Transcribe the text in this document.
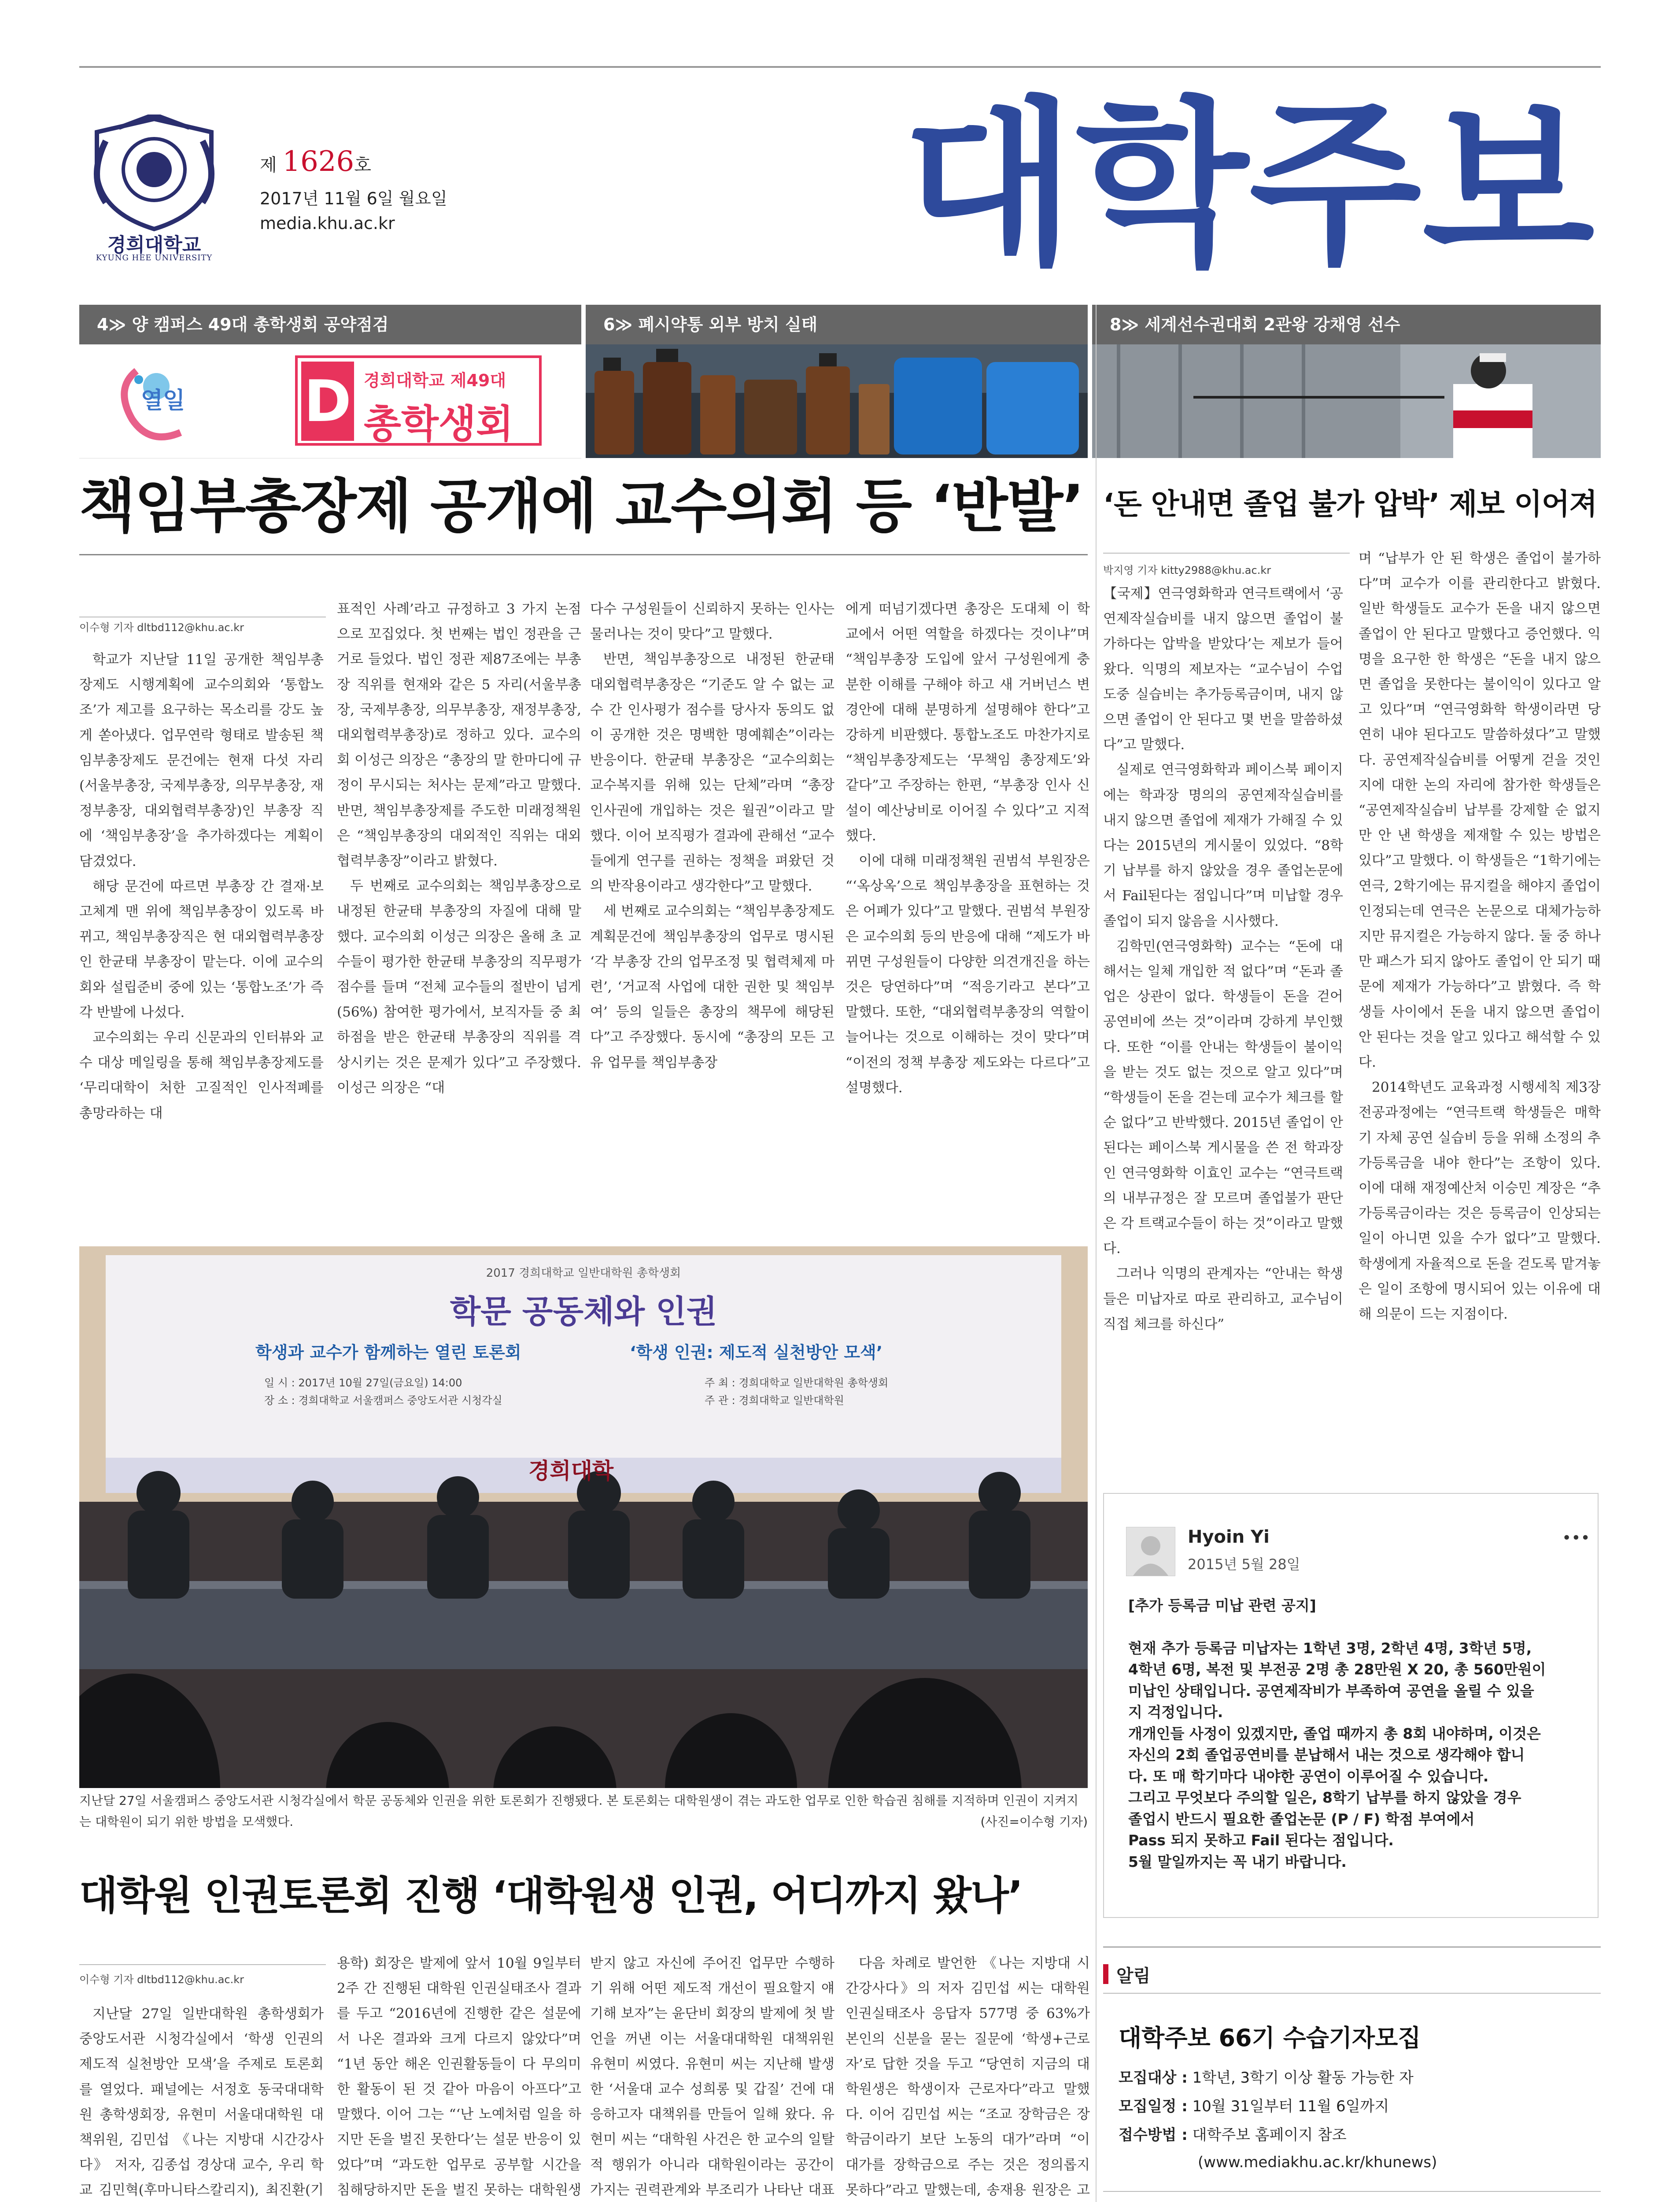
경희대학교
KYUNG HEE UNIVERSITY
제 1626호
2017년 11월 6일 월요일
media.khu.ac.kr	대학주보
4≫ 양 캠퍼스 49대 총학생회 공약점검
열일	D 경희대학교 제49대
총학생회
6≫ 폐시약통 외부 방치 실태	8≫ 세계선수권대회 2관왕 강채영 선수
책임부총장제 공개에 교수의회 등 ‘반발’
이수형 기자 dltbd112@khu.ac.kr

학교가 지난달 11일 공개한 책임부총장제도 시행계획에 교수의회와 ‘통합노조’가 제고를 요구하는 목소리를 강도 높게 쏟아냈다. 업무연락 형태로 발송된 책임부총장제도 문건에는 현재 다섯 자리(서울부총장, 국제부총장, 의무부총장, 재정부총장, 대외협력부총장)인 부총장 직에 ‘책임부총장’을 추가하겠다는 계획이 담겼었다.

해당 문건에 따르면 부총장 간 결재·보고체계 맨 위에 책임부총장이 있도록 바뀌고, 책임부총장직은 현 대외협력부총장인 한균태 부총장이 맡는다. 이에 교수의회와 설립준비 중에 있는 ‘통합노조’가 즉각 반발에 나섰다.

교수의회는 우리 신문과의 인터뷰와 교수 대상 메일링을 통해 책임부총장제도를 ‘무리대학이 처한 고질적인 인사적폐를 총망라하는 대

표적인 사례’라고 규정하고 3 가지 논점으로 꼬집었다. 첫 번째는 법인 정관을 근거로 들었다. 법인 정관 제87조에는 부총장 직위를 현재와 같은 5 자리(서울부총장, 국제부총장, 의무부총장, 재정부총장, 대외협력부총장)로 정하고 있다. 교수의회 이성근 의장은 “총장의 말 한마디에 규정이 무시되는 처사는 문제”라고 말했다. 반면, 책임부총장제를 주도한 미래정책원은 “책임부총장의 대외적인 직위는 대외협력부총장”이라고 밝혔다.

두 번째로 교수의회는 책임부총장으로 내정된 한균태 부총장의 자질에 대해 말했다. 교수의회 이성근 의장은 올해 초 교수들이 평가한 한균태 부총장의 직무평가 점수를 들며 “전체 교수들의 절반이 넘게(56%) 참여한 평가에서, 보직자들 중 최하점을 받은 한균태 부총장의 직위를 격상시키는 것은 문제가 있다”고 주장했다. 이성근 의장은 “대

다수 구성원들이 신뢰하지 못하는 인사는 물러나는 것이 맞다”고 말했다.

반면, 책임부총장으로 내정된 한균태 대외협력부총장은 “기준도 알 수 없는 교수 간 인사평가 점수를 당사자 동의도 없이 공개한 것은 명백한 명예훼손”이라는 반응이다. 한균태 부총장은 “교수의회는 교수복지를 위해 있는 단체”라며 “총장 인사권에 개입하는 것은 월권”이라고 말했다. 이어 보직평가 결과에 관해선 “교수들에게 연구를 권하는 정책을 펴왔던 것의 반작용이라고 생각한다”고 말했다.

세 번째로 교수의회는 “책임부총장제도 계획문건에 책임부총장의 업무로 명시된 ‘각 부총장 간의 업무조정 및 협력체제 마련’, ‘거교적 사업에 대한 권한 및 책임부여’ 등의 일들은 총장의 책무에 해당된다”고 주장했다. 동시에 “총장의 모든 고유 업무를 책임부총장

에게 떠넘기겠다면 총장은 도대체 이 학교에서 어떤 역할을 하겠다는 것이냐”며 “책임부총장 도입에 앞서 구성원에게 충분한 이해를 구해야 하고 새 거버넌스 변경안에 대해 분명하게 설명해야 한다”고 강하게 비판했다. 통합노조도 마찬가지로 “책임부총장제도는 ‘무책임 총장제도’와 같다”고 주장하는 한편, “부총장 인사 신설이 예산낭비로 이어질 수 있다”고 지적했다.

이에 대해 미래정책원 권범석 부원장은 “‘옥상옥’으로 책임부총장을 표현하는 것은 어폐가 있다”고 말했다. 권범석 부원장은 교수의회 등의 반응에 대해 “제도가 바뀌면 구성원들이 다양한 의견개진을 하는 것은 당연하다”며 “적응기라고 본다”고 말했다. 또한, “대외협력부총장의 역할이 늘어나는 것으로 이해하는 것이 맞다”며 “이전의 정책 부총장 제도와는 다르다”고 설명했다.

‘돈 안내면 졸업 불가 압박’ 제보 이어져
박지영 기자 kitty2988@khu.ac.kr

【국제】연극영화학과 연극트랙에서 ‘공연제작실습비를 내지 않으면 졸업이 불가하다는 압박을 받았다’는 제보가 들어왔다. 익명의 제보자는 “교수님이 수업 도중 실습비는 추가등록금이며, 내지 않으면 졸업이 안 된다고 몇 번을 말씀하셨다”고 말했다.

실제로 연극영화학과 페이스북 페이지에는 학과장 명의의 공연제작실습비를 내지 않으면 졸업에 제재가 가해질 수 있다는 2015년의 게시물이 있었다. “8학기 납부를 하지 않았을 경우 졸업논문에서 Fail된다는 점입니다”며 미납할 경우 졸업이 되지 않음을 시사했다.

김학민(연극영화학) 교수는 “돈에 대해서는 일체 개입한 적 없다”며 “돈과 졸업은 상관이 없다. 학생들이 돈을 걷어 공연비에 쓰는 것”이라며 강하게 부인했다. 또한 “이를 안내는 학생들이 불이익을 받는 것도 없는 것으로 알고 있다”며 “학생들이 돈을 걷는데 교수가 체크를 할 순 없다”고 반박했다. 2015년 졸업이 안 된다는 페이스북 게시물을 쓴 전 학과장인 연극영화학 이효인 교수는 “연극트랙의 내부규정은 잘 모르며 졸업불가 판단은 각 트랙교수들이 하는 것”이라고 말했다.

그러나 익명의 관계자는 “안내는 학생들은 미납자로 따로 관리하고, 교수님이 직접 체크를 하신다”

며 “납부가 안 된 학생은 졸업이 불가하다”며 교수가 이를 관리한다고 밝혔다. 일반 학생들도 교수가 돈을 내지 않으면 졸업이 안 된다고 말했다고 증언했다. 익명을 요구한 한 학생은 “돈을 내지 않으면 졸업을 못한다는 불이익이 있다고 알고 있다”며 “연극영화학 학생이라면 당연히 내야 된다고도 말씀하셨다”고 말했다. 공연제작실습비를 어떻게 걷을 것인지에 대한 논의 자리에 참가한 학생들은 “공연제작실습비 납부를 강제할 순 없지만 안 낸 학생을 제재할 수 있는 방법은 있다”고 말했다. 이 학생들은 “1학기에는 연극, 2학기에는 뮤지컬을 해야지 졸업이 인정되는데 연극은 논문으로 대체가능하지만 뮤지컬은 가능하지 않다. 둘 중 하나만 패스가 되지 않아도 졸업이 안 되기 때문에 제재가 가능하다”고 밝혔다. 즉 학생들 사이에서 돈을 내지 않으면 졸업이 안 된다는 것을 알고 있다고 해석할 수 있다.

2014학년도 교육과정 시행세칙 제3장 전공과정에는 “연극트랙 학생들은 매학기 자체 공연 실습비 등을 위해 소정의 추가등록금을 내야 한다”는 조항이 있다. 이에 대해 재정예산처 이승민 계장은 “추가등록금이라는 것은 등록금이 인상되는 일이 아니면 있을 수가 없다”고 말했다. 학생에게 자율적으로 돈을 걷도록 맡겨놓은 일이 조항에 명시되어 있는 이유에 대해 의문이 드는 지점이다.

Hyoin Yi
2015년 5월 28일
•••

[추가 등록금 미납 관련 공지]

현재 추가 등록금 미납자는 1학년 3명, 2학년 4명, 3학년 5명,

4학년 6명, 복전 및 부전공 2명 총 28만원 X 20, 총 560만원이

미납인 상태입니다. 공연제작비가 부족하여 공연을 올릴 수 있을

지 걱정입니다.

개개인들 사정이 있겠지만, 졸업 때까지 총 8회 내야하며, 이것은

자신의 2회 졸업공연비를 분납해서 내는 것으로 생각해야 합니

다. 또 매 학기마다 내야한 공연이 이루어질 수 있습니다.

그리고 무엇보다 주의할 일은, 8학기 납부를 하지 않았을 경우

졸업시 반드시 필요한 졸업논문 (P / F) 학점 부여에서

Pass 되지 못하고 Fail 된다는 점입니다.

5월 말일까지는 꼭 내기 바랍니다.

2017 경희대학교 일반대학원 총학생회
학문 공동체와 인권
학생과 교수가 함께하는 열린 토론회	‘학생 인권: 제도적 실천방안 모색’
일 시 : 2017년 10월 27일(금요일) 14:00
장 소 : 경희대학교 서울캠퍼스 중앙도서관 시청각실
주 최 : 경희대학교 일반대학원 총학생회
주 관 : 경희대학교 일반대학원
경희대학
지난달 27일 서울캠퍼스 중앙도서관 시청각실에서 학문 공동체와 인권을 위한 토론회가 진행됐다. 본 토론회는 대학원생이 겪는 과도한 업무로 인한 학습권 침해를 지적하며 인권이 지켜지는 대학원이 되기 위한 방법을 모색했다.	(사진=이수형 기자)
대학원 인권토론회 진행 ‘대학원생 인권, 어디까지 왔나’
이수형 기자 dltbd112@khu.ac.kr

지난달 27일 일반대학원 총학생회가 중앙도서관 시청각실에서 ‘학생 인권의 제도적 실천방안 모색’을 주제로 토론회를 열었다. 패널에는 서정호 동국대대학원 총학생회장, 유현미 서울대대학원 대책위원, 김민섭 《나는 지방대 시간강사다》 저자, 김종섭 경상대 교수, 우리 학교 김민혁(후마니타스칼리지), 최진환(기

용학) 회장은 발제에 앞서 10월 9일부터 2주 간 진행된 대학원 인권실태조사 결과를 두고 “2016년에 진행한 같은 설문에서 나온 결과와 크게 다르지 않았다”며 “1년 동안 해온 인권활동들이 다 무의미한 활동이 된 것 같아 마음이 아프다”고 말했다. 이어 그는 “‘난 노예처럼 일을 하지만 돈을 벌진 못한다’는 설문 반응이 있었다”며 “과도한 업무로 공부할 시간을 침해당하지만 돈을 벌진 못하는 대학원생

받지 않고 자신에 주어진 업무만 수행하기 위해 어떤 제도적 개선이 필요할지 얘기해 보자”는 윤단비 회장의 발제에 첫 발언을 꺼낸 이는 서울대대학원 대책위원 유현미 씨였다. 유현미 씨는 지난해 발생한 ‘서울대 교수 성희롱 및 갑질’ 건에 대응하고자 대책위를 만들어 일해 왔다. 유현미 씨는 “대학원 사건은 한 교수의 일탈적 행위가 아니라 대학원이라는 공간이 가지는 권력관계와 부조리가 나타난 대표

다음 차례로 발언한 《나는 지방대 시간강사다》의 저자 김민섭 씨는 대학원 인권실태조사 응답자 577명 중 63%가 본인의 신분을 묻는 질문에 ‘학생+근로자’로 답한 것을 두고 “당연히 지금의 대학원생은 학생이자 근로자다”라고 말했다. 이어 김민섭 씨는 “조교 장학금은 장학금이라기 보단 노동의 대가”라며 “이 대가를 장학금으로 주는 것은 정의롭지 못하다”라고 말했는데, 송재용 원장은 고

알림
대학주보 66기 수습기자모집
모집대상 : 1학년, 3학기 이상 활동 가능한 자
모집일정 : 10월 31일부터 11월 6일까지
접수방법 : 대학주보 홈페이지 참조
(www.mediakhu.ac.kr/khunews)
